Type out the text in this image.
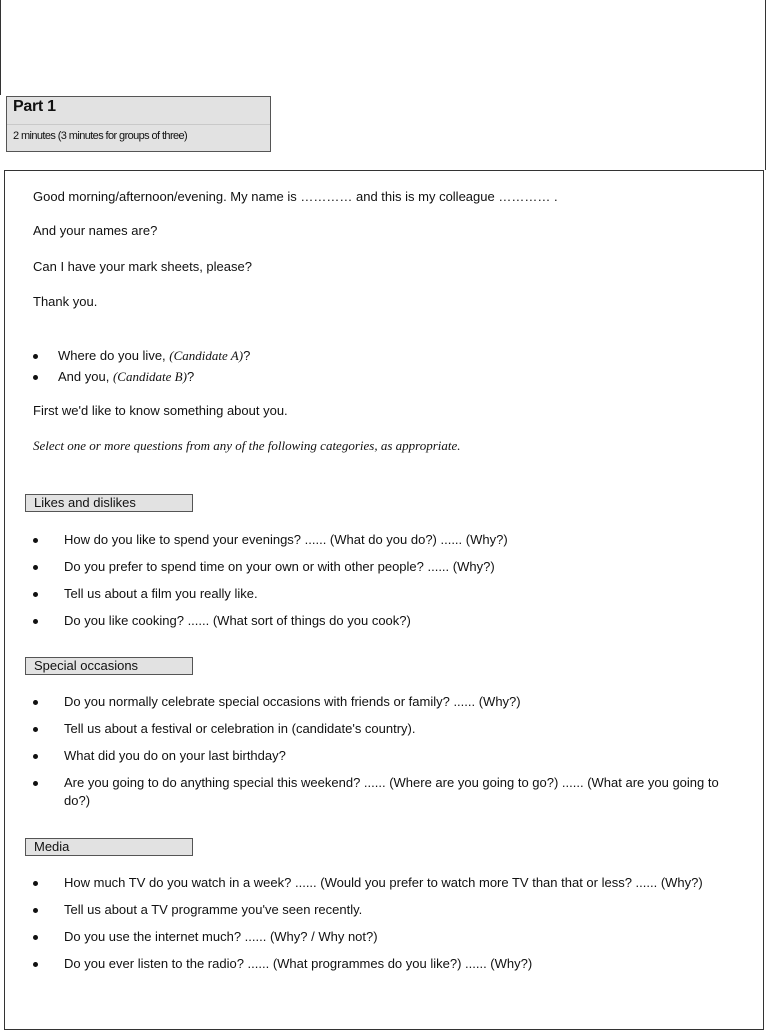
Part 1
2 minutes (3 minutes for groups of three)
Good morning/afternoon/evening. My name is ………… and this is my colleague ………… .
And your names are?
Can I have your mark sheets, please?
Thank you.
Where do you live, (Candidate A)?
And you, (Candidate B)?
First we'd like to know something about you.
Select one or more questions from any of the following categories, as appropriate.
Likes and dislikes
How do you like to spend your evenings? ...... (What do you do?) ...... (Why?)
Do you prefer to spend time on your own or with other people? ...... (Why?)
Tell us about a film you really like.
Do you like cooking? ...... (What sort of things do you cook?)
Special occasions
Do you normally celebrate special occasions with friends or family? ...... (Why?)
Tell us about a festival or celebration in (candidate's country).
What did you do on your last birthday?
Are you going to do anything special this weekend? ...... (Where are you going to go?) ...... (What are you going to do?)
Media
How much TV do you watch in a week? ...... (Would you prefer to watch more TV than that or less? ...... (Why?)
Tell us about a TV programme you've seen recently.
Do you use the internet much? ...... (Why? / Why not?)
Do you ever listen to the radio? ...... (What programmes do you like?) ...... (Why?)
